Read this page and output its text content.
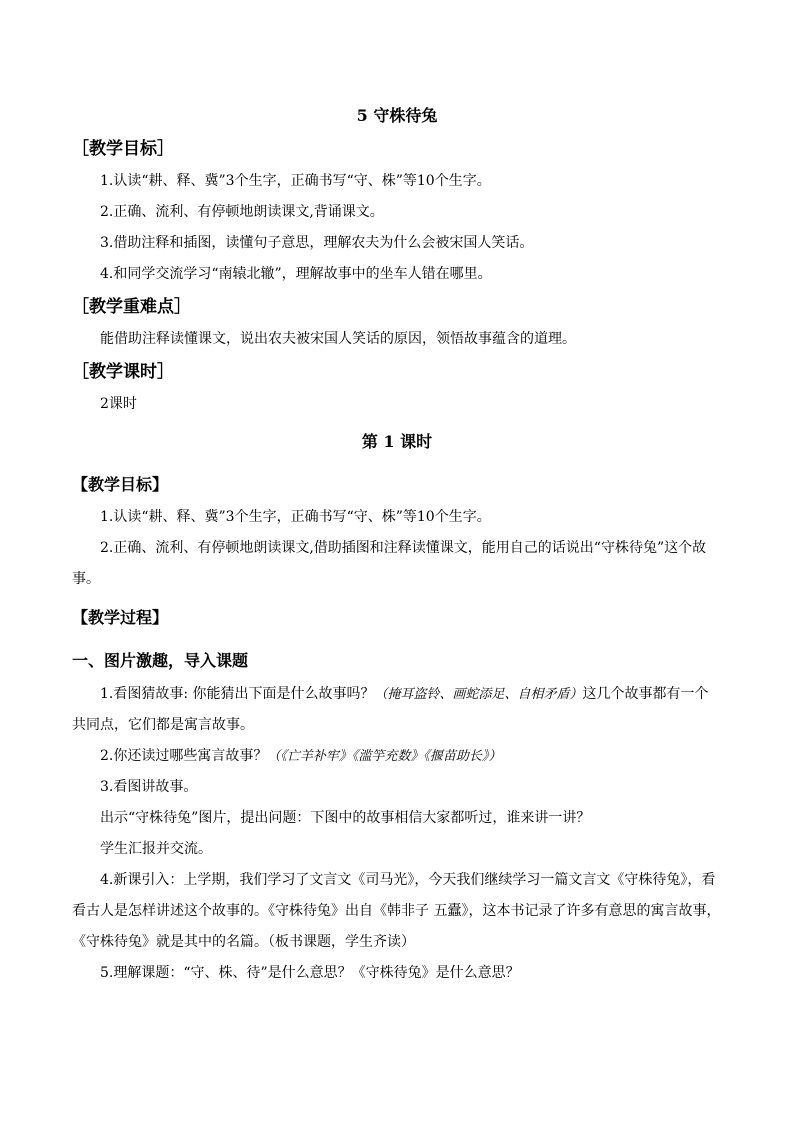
5 守株待兔
［教学目标］
1.认读“耕、释、冀”3个生字，正确书写“守、株”等10个生字。
2.正确、流利、有停顿地朗读课文,背诵课文。
3.借助注释和插图，读懂句子意思，理解农夫为什么会被宋国人笑话。
4.和同学交流学习“南辕北辙”，理解故事中的坐车人错在哪里。
［教学重难点］
能借助注释读懂课文，说出农夫被宋国人笑话的原因，领悟故事蕴含的道理。
［教学课时］
2课时
第 1 课时
【教学目标】
1.认读“耕、释、冀”3个生字，正确书写“守、株”等10个生字。
2.正确、流利、有停顿地朗读课文,借助插图和注释读懂课文，能用自己的话说出“守株待兔”这个故事。
【教学过程】
一、图片激趣，导入课题
1.看图猜故事: 你能猜出下面是什么故事吗？（掩耳盗铃、画蛇添足、自相矛盾）这几个故事都有一个共同点，它们都是寓言故事。
2.你还读过哪些寓言故事？（《亡羊补牢》《滥竽充数》《揠苗助长》）
3.看图讲故事。
出示“守株待兔”图片，提出问题：下图中的故事相信大家都听过，谁来讲一讲？
学生汇报并交流。
4.新课引入：上学期，我们学习了文言文《司马光》，今天我们继续学习一篇文言文《守株待兔》，看看古人是怎样讲述这个故事的。《守株待兔》出自《韩非子 五蠹》，这本书记录了许多有意思的寓言故事，《守株待兔》就是其中的名篇。（板书课题，学生齐读）
5.理解课题：“守、株、待”是什么意思？《守株待兔》是什么意思？
